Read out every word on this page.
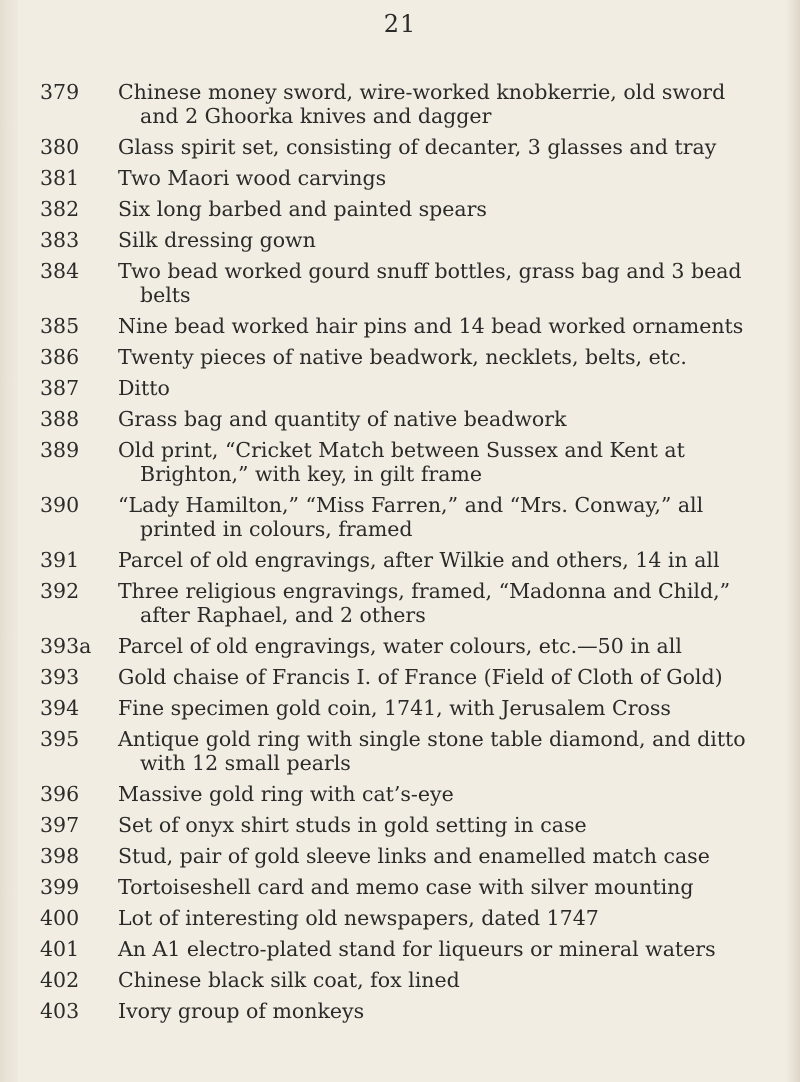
21
379	Chinese money sword, wire-worked knobkerrie, old sword and 2 Ghoorka knives and dagger
380	Glass spirit set, consisting of decanter, 3 glasses and tray
381	Two Maori wood carvings
382	Six long barbed and painted spears
383	Silk dressing gown
384	Two bead worked gourd snuff bottles, grass bag and 3 bead belts
385	Nine bead worked hair pins and 14 bead worked ornaments
386	Twenty pieces of native beadwork, necklets, belts, etc.
387	Ditto
388	Grass bag and quantity of native beadwork
389	Old print, “Cricket Match between Sussex and Kent at Brighton,” with key, in gilt frame
390	“Lady Hamilton,” “Miss Farren,” and “Mrs. Conway,” all printed in colours, framed
391	Parcel of old engravings, after Wilkie and others, 14 in all
392	Three religious engravings, framed, “Madonna and Child,” after Raphael, and 2 others
393a	Parcel of old engravings, water colours, etc.—50 in all
393	Gold chaise of Francis I. of France (Field of Cloth of Gold)
394	Fine specimen gold coin, 1741, with Jerusalem Cross
395	Antique gold ring with single stone table diamond, and ditto with 12 small pearls
396	Massive gold ring with cat’s-eye
397	Set of onyx shirt studs in gold setting in case
398	Stud, pair of gold sleeve links and enamelled match case
399	Tortoiseshell card and memo case with silver mounting
400	Lot of interesting old newspapers, dated 1747
401	An A1 electro-plated stand for liqueurs or mineral waters
402	Chinese black silk coat, fox lined
403	Ivory group of monkeys
